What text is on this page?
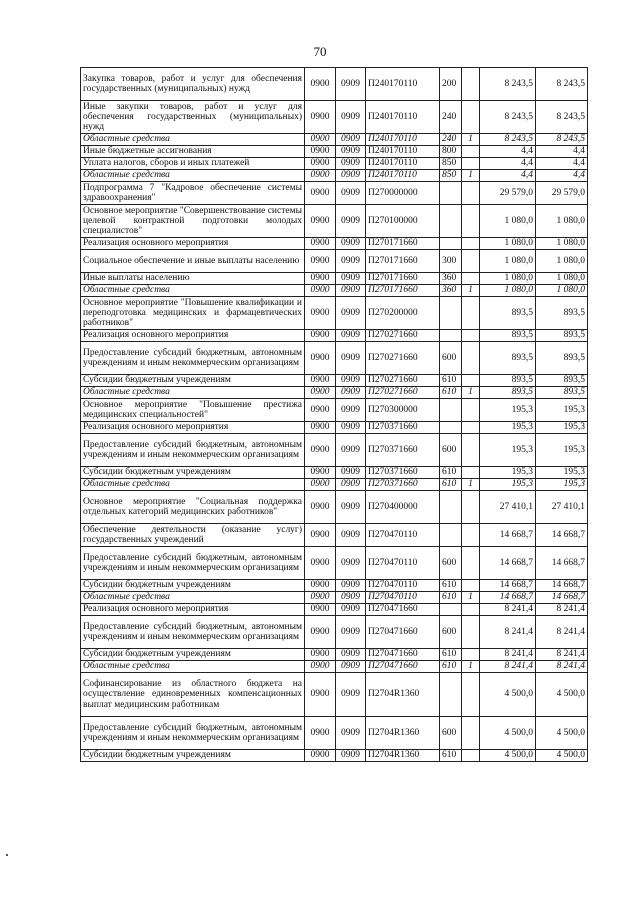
70
Закупка товаров, работ и услуг для обеспечения государственных (муниципальных) нужд	0900	0909	П240170110	200		8 243,5	8 243,5
Иные закупки товаров, работ и услуг для обеспечения государственных (муниципальных) нужд	0900	0909	П240170110	240		8 243,5	8 243,5
Областные средства	0900	0909	П240170110	240	1	8 243,5	8 243,5
Иные бюджетные ассигнования	0900	0909	П240170110	800		4,4	4,4
Уплата налогов, сборов и иных платежей	0900	0909	П240170110	850		4,4	4,4
Областные средства	0900	0909	П240170110	850	1	4,4	4,4
Подпрограмма 7 "Кадровое обеспечение системы здравоохранения"	0900	0909	П270000000			29 579,0	29 579,0
Основное мероприятие "Совершенствование системы целевой контрактной подготовки молодых специалистов"	0900	0909	П270100000			1 080,0	1 080,0
Реализация основного мероприятия	0900	0909	П270171660			1 080,0	1 080,0
Социальное обеспечение и иные выплаты населению	0900	0909	П270171660	300		1 080,0	1 080,0
Иные выплаты населению	0900	0909	П270171660	360		1 080,0	1 080,0
Областные средства	0900	0909	П270171660	360	1	1 080,0	1 080,0
Основное мероприятие "Повышение квалификации и переподготовка медицинских и фармацевтических работников"	0900	0909	П270200000			893,5	893,5
Реализация основного мероприятия	0900	0909	П270271660			893,5	893,5
Предоставление субсидий бюджетным, автономным учреждениям и иным некоммерческим организациям	0900	0909	П270271660	600		893,5	893,5
Субсидии бюджетным учреждениям	0900	0909	П270271660	610		893,5	893,5
Областные средства	0900	0909	П270271660	610	1	893,5	893,5
Основное мероприятие "Повышение престижа медицинских специальностей"	0900	0909	П270300000			195,3	195,3
Реализация основного мероприятия	0900	0909	П270371660			195,3	195,3
Предоставление субсидий бюджетным, автономным учреждениям и иным некоммерческим организациям	0900	0909	П270371660	600		195,3	195,3
Субсидии бюджетным учреждениям	0900	0909	П270371660	610		195,3	195,3
Областные средства	0900	0909	П270371660	610	1	195,3	195,3
Основное мероприятие "Социальная поддержка отдельных категорий медицинских работников"	0900	0909	П270400000			27 410,1	27 410,1
Обеспечение деятельности (оказание услуг) государственных учреждений	0900	0909	П270470110			14 668,7	14 668,7
Предоставление субсидий бюджетным, автономным учреждениям и иным некоммерческим организациям	0900	0909	П270470110	600		14 668,7	14 668,7
Субсидии бюджетным учреждениям	0900	0909	П270470110	610		14 668,7	14 668,7
Областные средства	0900	0909	П270470110	610	1	14 668,7	14 668,7
Реализация основного мероприятия	0900	0909	П270471660			8 241,4	8 241,4
Предоставление субсидий бюджетным, автономным учреждениям и иным некоммерческим организациям	0900	0909	П270471660	600		8 241,4	8 241,4
Субсидии бюджетным учреждениям	0900	0909	П270471660	610		8 241,4	8 241,4
Областные средства	0900	0909	П270471660	610	1	8 241,4	8 241,4
Софинансирование из областного бюджета на осуществление единовременных компенсационных выплат медицинским работникам	0900	0909	П2704R1360			4 500,0	4 500,0
Предоставление субсидий бюджетным, автономным учреждениям и иным некоммерческим организациям	0900	0909	П2704R1360	600		4 500,0	4 500,0
Субсидии бюджетным учреждениям	0900	0909	П2704R1360	610		4 500,0	4 500,0
